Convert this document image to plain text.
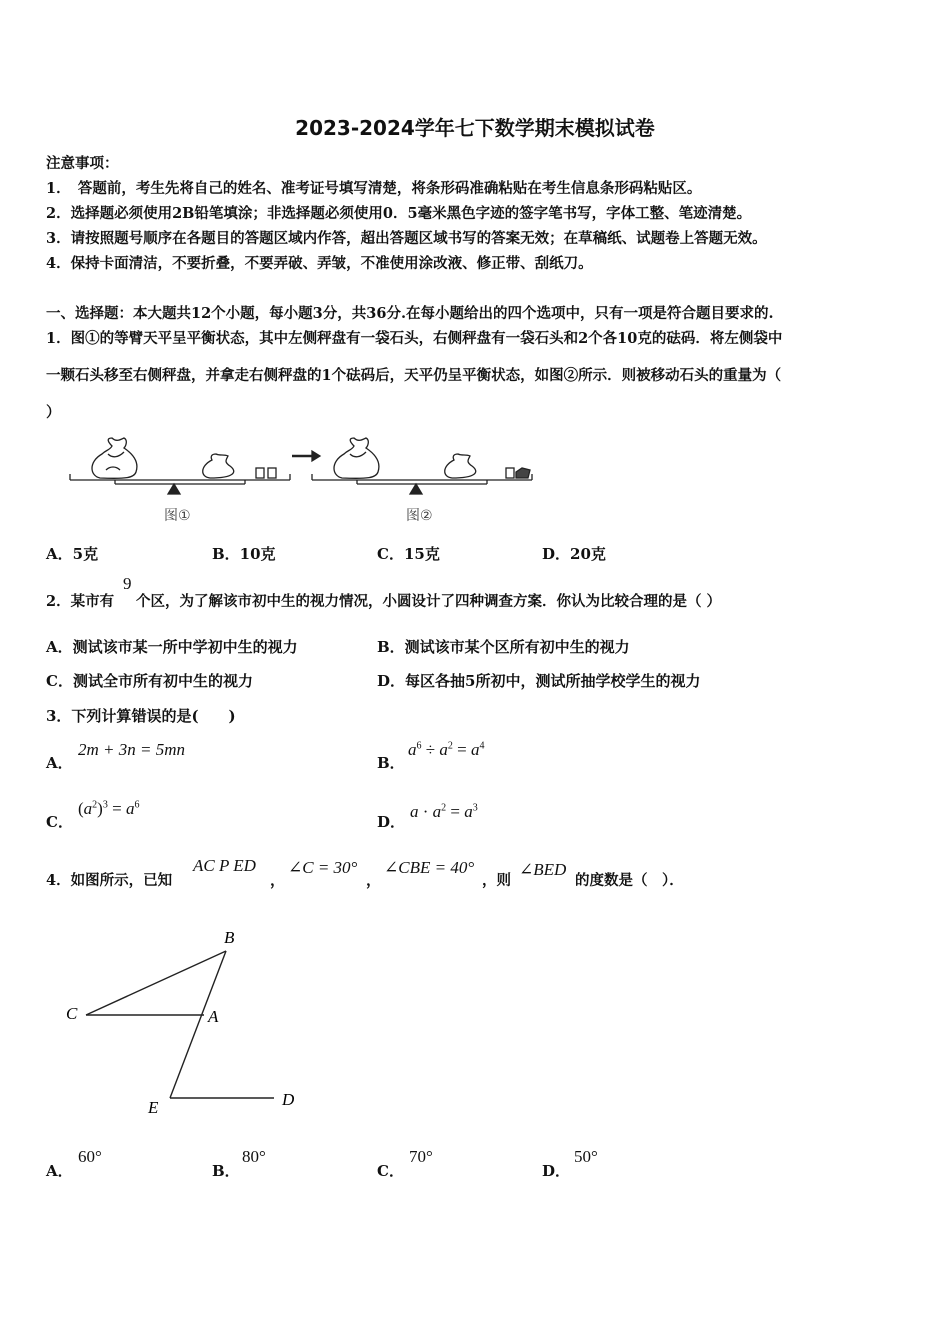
2023-2024学年七下数学期末模拟试卷
注意事项：
1．　答题前，考生先将自己的姓名、准考证号填写清楚，将条形码准确粘贴在考生信息条形码粘贴区。
2．选择题必须使用2B铅笔填涂；非选择题必须使用0．5毫米黑色字迹的签字笔书写，字体工整、笔迹清楚。
3．请按照题号顺序在各题目的答题区域内作答，超出答题区域书写的答案无效；在草稿纸、试题卷上答题无效。
4．保持卡面清洁，不要折叠，不要弄破、弄皱，不准使用涂改液、修正带、刮纸刀。
一、选择题：本大题共12个小题，每小题3分，共36分.在每小题给出的四个选项中，只有一项是符合题目要求的.
1．图①的等臂天平呈平衡状态，其中左侧秤盘有一袋石头，右侧秤盘有一袋石头和2个各10克的砝码．将左侧袋中
一颗石头移至右侧秤盘，并拿走右侧秤盘的1个砝码后，天平仍呈平衡状态，如图②所示．则被移动石头的重量为（
）
图①	图②
A．5克	B．10克	C．15克	D．20克
2．某市有
9
个区，为了解该市初中生的视力情况，小圆设计了四种调查方案．你认为比较合理的是（ ）
A．测试该市某一所中学初中生的视力	B．测试该市某个区所有初中生的视力
C．测试全市所有初中生的视力	D．每区各抽5所初中，测试所抽学校学生的视力
3．下列计算错误的是(　　)
A．
2m + 3n = 5mn
B．
$a^6 \div a^2 = a^4$
C．
$(a^2)^3 = a^6$
D．
$a \cdot a^2 = a^3$
4．如图所示，已知
AC P ED
，
∠C = 30°
，
∠CBE = 40°
，则
∠BED
的度数是（　）．
B
C	A
E	D
A．
60°
B．
80°
C．
70°
D．
50°
